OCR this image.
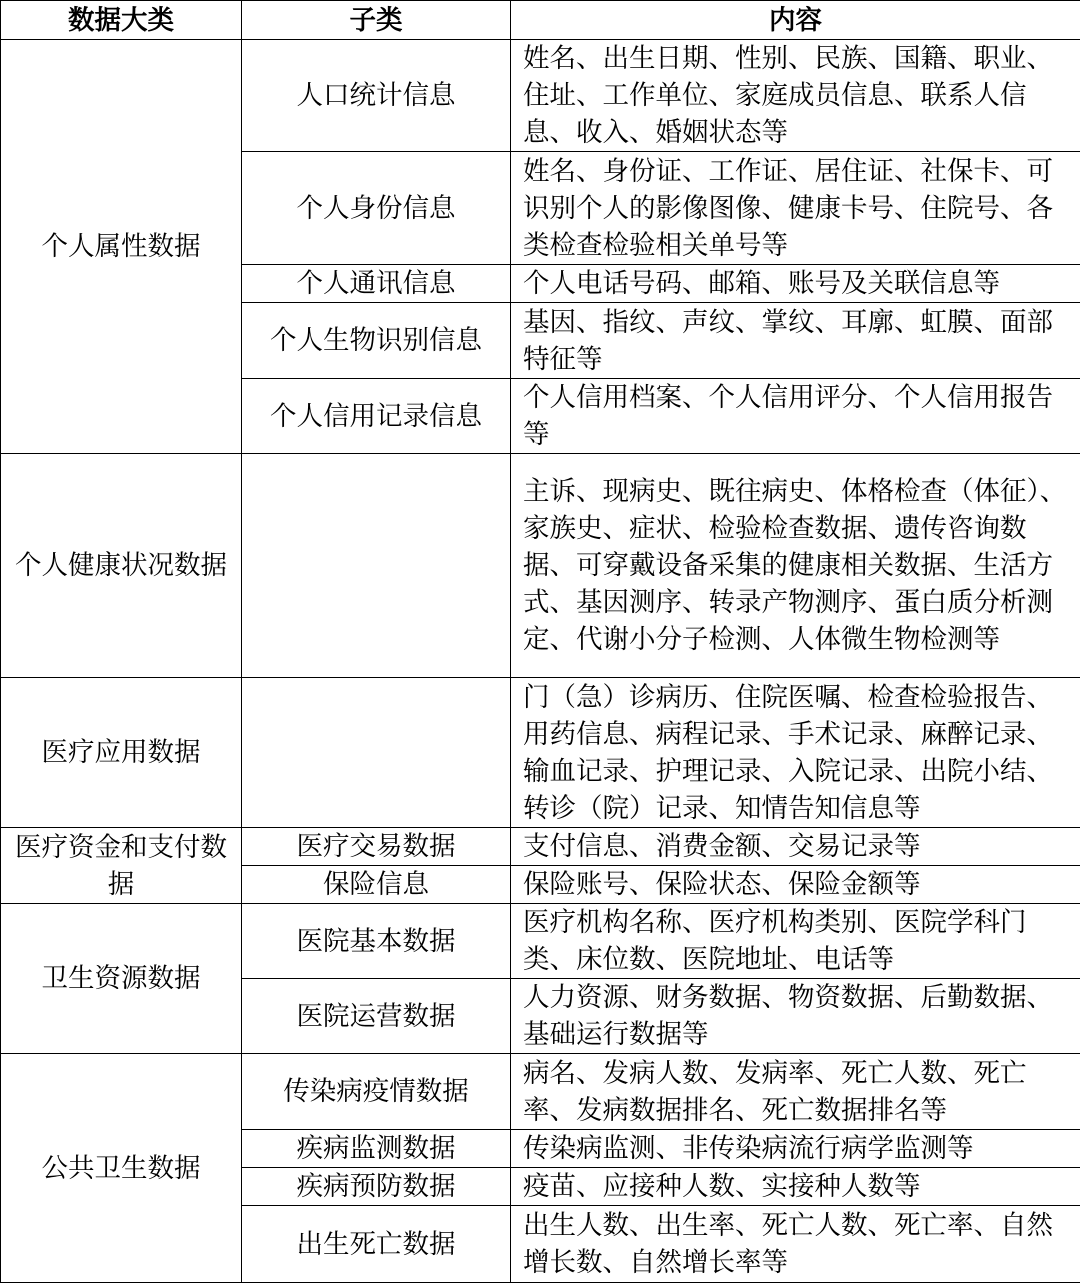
数据大类	子类	内容
个人属性数据	人口统计信息	姓名、出生日期、性别、民族、国籍、职业、住址、工作单位、家庭成员信息、联系人信息、收入、婚姻状态等
	个人身份信息	姓名、身份证、工作证、居住证、社保卡、可识别个人的影像图像、健康卡号、住院号、各类检查检验相关单号等
	个人通讯信息	个人电话号码、邮箱、账号及关联信息等
	个人生物识别信息	基因、指纹、声纹、掌纹、耳廓、虹膜、面部特征等
	个人信用记录信息	个人信用档案、个人信用评分、个人信用报告等
个人健康状况数据		主诉、现病史、既往病史、体格检查（体征）、家族史、症状、检验检查数据、遗传咨询数据、可穿戴设备采集的健康相关数据、生活方式、基因测序、转录产物测序、蛋白质分析测定、代谢小分子检测、人体微生物检测等
医疗应用数据		门（急）诊病历、住院医嘱、检查检验报告、用药信息、病程记录、手术记录、麻醉记录、输血记录、护理记录、入院记录、出院小结、转诊（院）记录、知情告知信息等
医疗资金和支付数据	医疗交易数据	支付信息、消费金额、交易记录等
	保险信息	保险账号、保险状态、保险金额等
卫生资源数据	医院基本数据	医疗机构名称、医疗机构类别、医院学科门类、床位数、医院地址、电话等
	医院运营数据	人力资源、财务数据、物资数据、后勤数据、基础运行数据等
公共卫生数据	传染病疫情数据	病名、发病人数、发病率、死亡人数、死亡率、发病数据排名、死亡数据排名等
	疾病监测数据	传染病监测、非传染病流行病学监测等
	疾病预防数据	疫苗、应接种人数、实接种人数等
	出生死亡数据	出生人数、出生率、死亡人数、死亡率、自然增长数、自然增长率等
